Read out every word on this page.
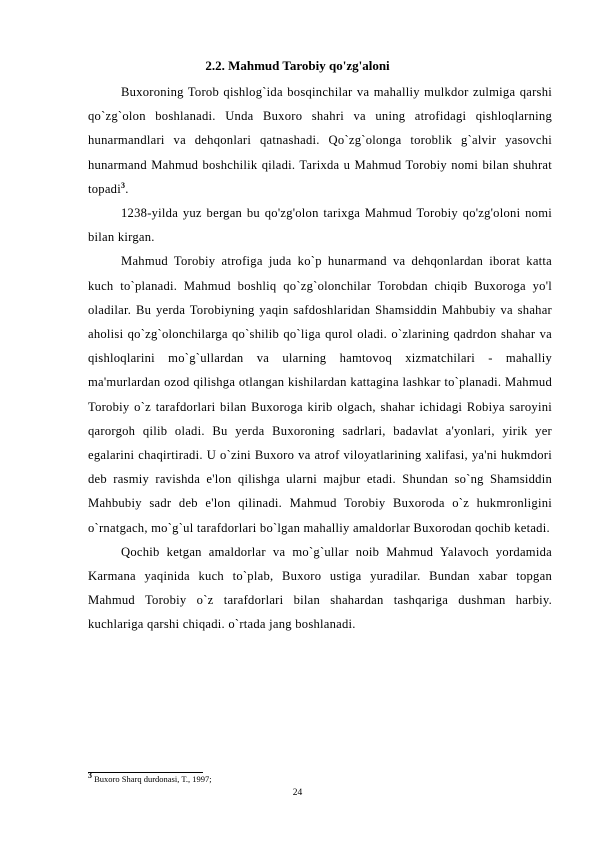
2.2. Mahmud Tarobiy qo'zg'aloni

Buxoroning Torob qishlog`ida bosqinchilar va mahalliy mulkdor zulmiga qarshi qo`zg`olon boshlanadi. Unda Buxoro shahri va uning atrofidagi qishloqlarning hunarmandlari va dehqonlari qatnashadi. Qo`zg`olonga toroblik g`alvir yasovchi hunarmand Mahmud boshchilik qiladi. Tarixda u Mahmud Torobiy nomi bilan shuhrat topadi$^3$.

1238-yilda yuz bergan bu qo'zg'olon tarixga Mahmud Torobiy qo'zg'oloni nomi bilan kirgan.

Mahmud Torobiy atrofiga juda ko`p hunarmand va dehqonlardan iborat katta kuch to`planadi. Mahmud boshliq qo`zg`olonchilar Torobdan chiqib Buxoroga yo'l oladilar. Bu yerda Torobiyning yaqin safdoshlaridan Shamsiddin Mahbubiy va shahar aholisi qo`zg`olonchilarga qo`shilib qo`liga qurol oladi. o`zlarining qadrdon shahar va qishloqlarini mo`g`ullardan va ularning hamtovoq xizmatchilari - mahalliy ma'murlardan ozod qilishga otlangan kishilardan kattagina lashkar to`planadi. Mahmud Torobiy o`z tarafdorlari bilan Buxoroga kirib olgach, shahar ichidagi Robiya saroyini qarorgoh qilib oladi. Bu yerda Buxoroning sadrlari, badavlat a'yonlari, yirik yer egalarini chaqirtiradi. U o`zini Buxoro va atrof viloyatlarining xalifasi, ya'ni hukmdori deb rasmiy ravishda e'lon qilishga ularni majbur etadi. Shundan so`ng Shamsiddin Mahbubiy sadr deb e'lon qilinadi. Mahmud Torobiy Buxoroda o`z hukmronligini o`rnatgach, mo`g`ul tarafdorlari bo`lgan mahalliy amaldorlar Buxorodan qochib ketadi.

Qochib ketgan amaldorlar va mo`g`ullar noib Mahmud Yalavoch yordamida Karmana yaqinida kuch to`plab, Buxoro ustiga yuradilar. Bundan xabar topgan Mahmud Torobiy o`z tarafdorlari bilan shahardan tashqariga dushman harbiy. kuchlariga qarshi chiqadi. o`rtada jang boshlanadi.

$^3$ Buxoro Sharq durdonasi, T., 1997;
24
